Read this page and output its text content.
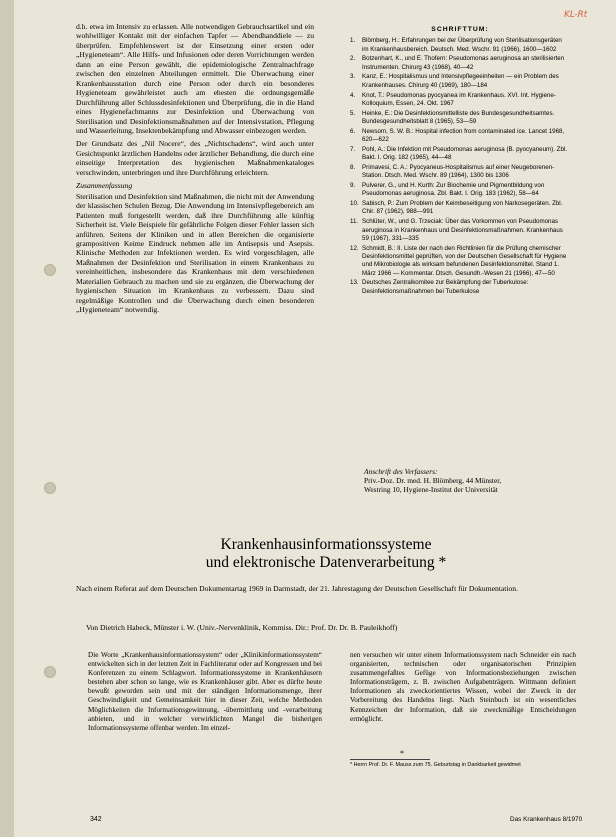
KL-Rt

d.h. etwa im Intensiv zu erlassen. Alle notwendigen Gebrauchsartikel und ein wohlwilliger Kontakt mit der einfachen Tapfer — Abendhanddiele — zu überprüfen. Empfehlenswert ist der Einsetzung einer ersten oder „Hygieneteam“. Alle Hilfs- und Infusionen oder deren Vorrichtungen werden dann an eine Person gewählt, die epidemiologische Zentralnachfrage zwischen den einzelnen Abteilungen ermittelt. Die Überwachung einer Krankenhausstation durch eine Person oder durch ein besonderes Hygieneteam gewährleistet auch am ehesten die ordnungsgemäße Durchführung aller Schlussdesinfektionen und Überprüfung, die in die Hand eines Hygienefachmanns zur Desinfektion und Überwachung von Sterilisation und Desinfektionsmaßnahmen auf der Intensivstation, Pflegung und Wasserleitung, Insektenbekämpfung und Abwasser einbezogen werden.

Der Grundsatz des „Nil Nocere“, des „Nichtschadens“, wird auch unter Gesichtspunkt ärztlichen Handelns oder ärztlicher Behandlung, die durch eine einseitige Interpretation des hygienischen Maßnahmenkataloges verschwinden, unterbringen und ihre Durchführung erleichtern.

Zusammenfassung

Sterilisation und Desinfektion sind Maßnahmen, die nicht mit der Anwendung der klassischen Schulen Bezug. Die Anwendung im Intensivpflegebereich am Patienten muß fortgestellt werden, daß ihre Durchführung alle künftig Sicherheit ist. Viele Beispiele für gefährliche Folgen dieser Fehler lassen sich anführen. Seitens der Kliniken und in allen Bereichen die organisierte grampositiven Keime Eindruck nehmen alle im Antisepsis und Asepsis. Klinische Methoden zur Infektionen werden. Es wird vorgeschlagen, alle Maßnahmen der Desinfektion und Sterilisation in einem Krankenhaus zu vereinheitlichen, insbesondere das Krankenhaus mit dem verschiedenen Materialien Gebrauch zu machen und sie zu ergänzen, die Überwachung der hygienischen Situation im Krankenhaus zu verbessern. Dazu sind regelmäßige Kontrollen und die Überwachung durch einen besonderen „Hygieneteam“ notwendig.

SCHRIFTTUM:
1.	Blömberg, H.: Erfahrungen bei der Überprüfung von Sterilisationsgeräten im Krankenhausbereich. Deutsch. Med. Wschr. 91 (1966), 1600—1602
2.	Botzenhart, K., und E. Thofern: Pseudomonas aeruginosa an sterilisierten Instrumenten. Chirurg 43 (1968), 40—42
3.	Kanz, E.: Hospitalismus und Intensivpflegeeinheiten — ein Problem des Krankenhauses. Chirurg 40 (1969), 180—184
4.	Knot, T.: Pseudomonas pyocyanea im Krankenhaus. XVI. Int. Hygiene-Kolloquium, Essen, 24. Okt. 1967
5.	Heinke, E.: Die Desinfektionsmittelliste des Bundesgesundheitsamtes. Bundesgesundheitsblatt 8 (1965), 53—59
6.	Newsom, S. W. B.: Hospital infection from contaminated ice. Lancet 1968, 620—622
7.	Pohl, A.: Die Infektion mit Pseudomonas aeruginosa (B. pyocyaneum). Zbl. Bakt. I. Orig. 182 (1965), 44—48
8.	Primavesi, C. A.: Pyocyaneus-Hospitalismus auf einer Neugeborenen-Station. Dtsch. Med. Wschr. 89 (1964), 1300 bis 1306
9.	Pulverer, G., und H. Kurth: Zur Biochemie und Pigmentbildung von Pseudomonas aeruginosa. Zbl. Bakt. I. Orig. 183 (1962), 58—64
10. Sabisch, P.: Zum Problem der Keimbeseitigung von Narkosegeräten. Zbl. Chir. 87 (1962), 988—991
11. Schlüter, W., und G. Trzeciak: Über das Vorkommen von Pseudomonas aeruginosa in Krankenhaus und Desinfektionsmaßnahmen. Krankenhaus 59 (1967), 331—335
12. Schmidt, B.: II. Liste der nach den Richtlinien für die Prüfung chemischer Desinfektionsmittel geprüften, von der Deutschen Gesellschaft für Hygiene und Mikrobiologie als wirksam befundenen Desinfektionsmittel. Stand 1. März 1966 — Kommentar. Dtsch. Gesundh.-Wesen 21 (1966), 47—50
13. Deutsches Zentralkomitee zur Bekämpfung der Tuberkulose: Desinfektionsmaßnahmen bei Tuberkulose
Anschrift des Verfassers:
Priv.-Doz. Dr. med. H. Blömberg, 44 Münster,
Westring 10, Hygiene-Institut der Universität
Krankenhausinformationssysteme
und elektronische Datenverarbeitung *
Nach einem Referat auf dem Deutschen Dokumentartag 1969 in Darmstadt, der 21. Jahrestagung der Deutschen Gesellschaft für Dokumentation.
Von Dietrich Habeck, Münster i. W. (Univ.-Nervenklinik, Kommiss. Dir.: Prof. Dr. Dr. B. Pauleikhoff)
Die Worte „Krankenhausinformationssystem“ oder „Klinikinformationssystem“ entwickelten sich in der letzten Zeit in Fachliteratur oder auf Kongressen und bei Konferenzen zu einem Schlagwort. Informationssysteme in Krankenhäusern bestehen aber schon so lange, wie es Krankenhäuser gibt. Aber es dürfte heute bewußt geworden sein und mit der ständigen Informationsmenge, ihrer Geschwindigkeit und Gemeinsamkeit hier in dieser Zeit, welche Methoden Möglichkeiten die Informationsgewinnung, -übermittlung und -verarbeitung anbieten, und in welcher verwirklichten Mangel die bisherigen Informationssysteme offenbar werden. Im einzel-
nen versuchen wir unter einem Informationssystem nach Schneider ein nach organisierten, technischen oder organisatorischen Prinzipien zusammengefaßtes Gefüge von Informationsbeziehungen zwischen Informationsträgern, z. B. zwischen Aufgabenträgern. Wittmann definiert Informationen als zweckorientiertes Wissen, wobei der Zweck in der Vorbereitung des Handelns liegt. Nach Steinbuch ist ein wesentliches Kennzeichen der Information, daß sie zweckmäßige Entscheidungen ermöglicht.
*
* Herrn Prof. Dr. F. Mauss zum 75. Geburtstag in Dankbarkeit gewidmet
342	Das Krankenhaus 8/1970
